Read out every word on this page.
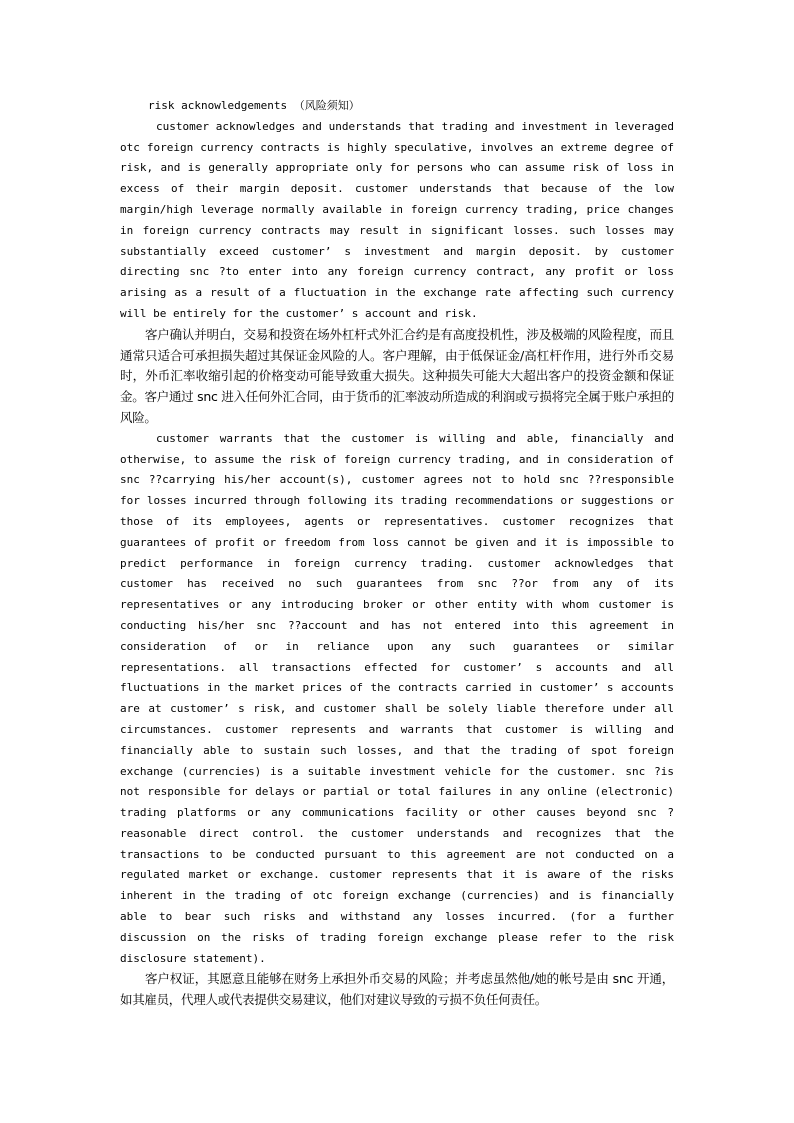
risk acknowledgements （风险须知）

customer acknowledges and understands that trading and investment in leveraged otc foreign currency contracts is highly speculative, involves an extreme degree of risk, and is generally appropriate only for persons who can assume risk of loss in excess of their margin deposit. customer understands that because of the low margin/high leverage normally available in foreign currency trading, price changes in foreign currency contracts may result in significant losses. such losses may substantially exceed customer’ s investment and margin deposit. by customer directing snc ?to enter into any foreign currency contract, any profit or loss arising as a result of a fluctuation in the exchange rate affecting such currency will be entirely for the customer’ s account and risk.

客户确认并明白，交易和投资在场外杠杆式外汇合约是有高度投机性，涉及极端的风险程度，而且通常只适合可承担损失超过其保证金风险的人。客户理解，由于低保证金/高杠杆作用，进行外币交易时，外币汇率收缩引起的价格变动可能导致重大损失。这种损失可能大大超出客户的投资金额和保证金。客户通过 snc 进入任何外汇合同，由于货币的汇率波动所造成的利润或亏损将完全属于账户承担的风险。

customer warrants that the customer is willing and able, financially and otherwise, to assume the risk of foreign currency trading, and in consideration of snc ??carrying his/her account(s), customer agrees not to hold snc ??responsible for losses incurred through following its trading recommendations or suggestions or those of its employees, agents or representatives. customer recognizes that guarantees of profit or freedom from loss cannot be given and it is impossible to predict performance in foreign currency trading. customer acknowledges that customer has received no such guarantees from snc ??or from any of its representatives or any introducing broker or other entity with whom customer is conducting his/her snc ??account and has not entered into this agreement in consideration of or in reliance upon any such guarantees or similar representations. all transactions effected for customer’ s accounts and all fluctuations in the market prices of the contracts carried in customer’ s accounts are at customer’ s risk, and customer shall be solely liable therefore under all circumstances. customer represents and warrants that customer is willing and financially able to sustain such losses, and that the trading of spot foreign exchange (currencies) is a suitable investment vehicle for the customer. snc ?is not responsible for delays or partial or total failures in any online (electronic) trading platforms or any communications facility or other causes beyond snc ?reasonable direct control. the customer understands and recognizes that the transactions to be conducted pursuant to this agreement are not conducted on a regulated market or exchange. customer represents that it is aware of the risks inherent in the trading of otc foreign exchange (currencies) and is financially able to bear such risks and withstand any losses incurred. (for a further discussion on the risks of trading foreign exchange please refer to the risk disclosure statement).

客户权证，其愿意且能够在财务上承担外币交易的风险；并考虑虽然他/她的帐号是由 snc 开通，如其雇员，代理人或代表提供交易建议，他们对建议导致的亏损不负任何责任。
